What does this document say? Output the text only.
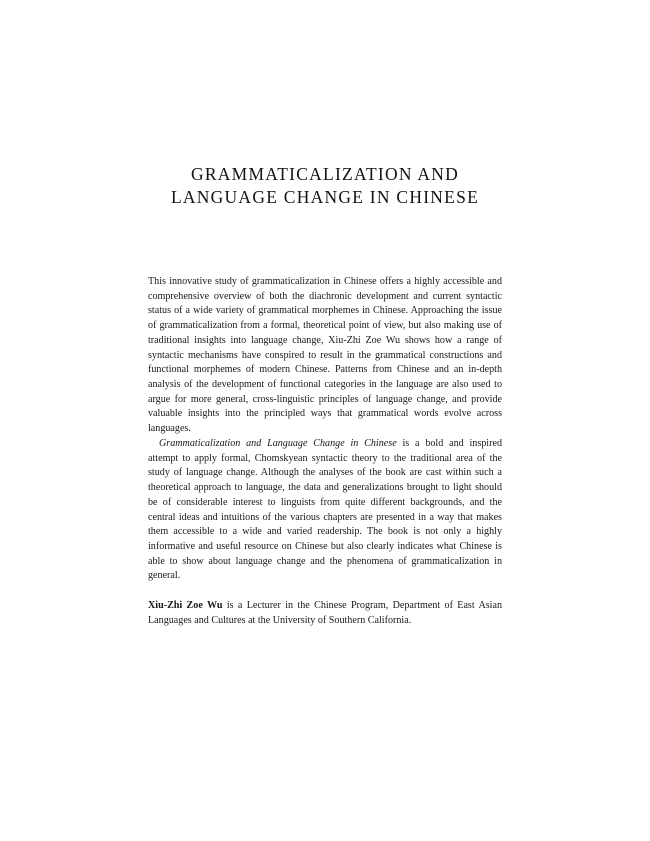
GRAMMATICALIZATION AND
LANGUAGE CHANGE IN CHINESE

This innovative study of grammaticalization in Chinese offers a highly accessible and comprehensive overview of both the diachronic development and current syntactic status of a wide variety of grammatical morphemes in Chinese. Approaching the issue of grammaticalization from a formal, theoretical point of view, but also making use of traditional insights into language change, Xiu-Zhi Zoe Wu shows how a range of syntactic mechanisms have conspired to result in the grammatical constructions and functional morphemes of modern Chinese. Patterns from Chinese and an in-depth analysis of the development of functional categories in the language are also used to argue for more general, cross-linguistic principles of language change, and provide valuable insights into the principled ways that grammatical words evolve across languages.

Grammaticalization and Language Change in Chinese is a bold and inspired attempt to apply formal, Chomskyean syntactic theory to the traditional area of the study of language change. Although the analyses of the book are cast within such a theoretical approach to language, the data and generalizations brought to light should be of considerable interest to linguists from quite different backgrounds, and the central ideas and intuitions of the various chapters are presented in a way that makes them accessible to a wide and varied readership. The book is not only a highly informative and useful resource on Chinese but also clearly indicates what Chinese is able to show about language change and the phenomena of grammaticalization in general.

Xiu-Zhi Zoe Wu is a Lecturer in the Chinese Program, Department of East Asian Languages and Cultures at the University of Southern California.
